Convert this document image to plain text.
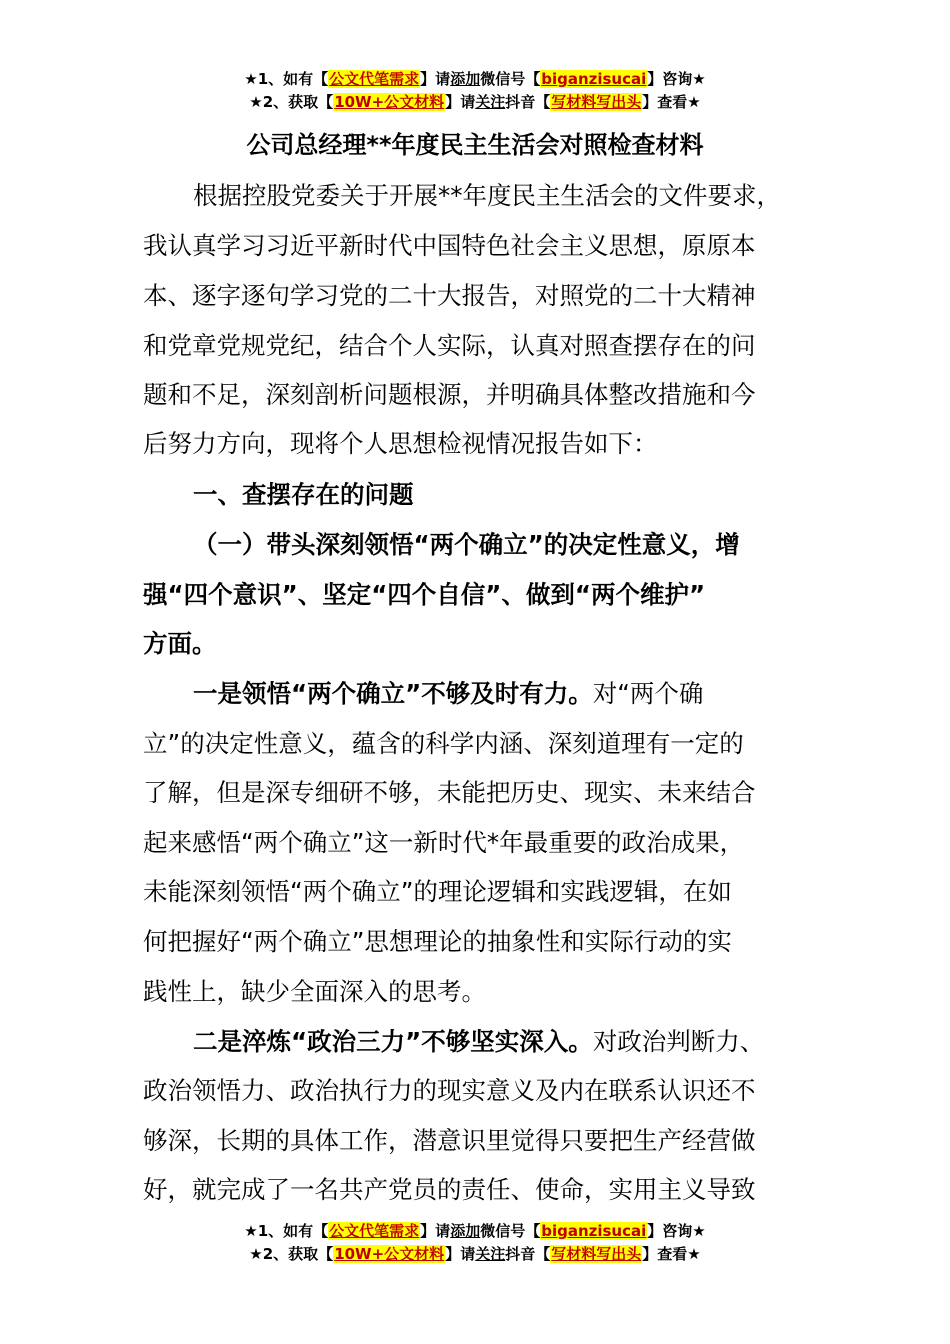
★1、如有【公文代笔需求】请添加微信号【biganzisucai】咨询★
★2、获取【10W+公文材料】请关注抖音【写材料写出头】查看★
公司总经理**年度民主生活会对照检查材料
根据控股党委关于开展**年度民主生活会的文件要求，
我认真学习习近平新时代中国特色社会主义思想，原原本
本、逐字逐句学习党的二十大报告，对照党的二十大精神
和党章党规党纪，结合个人实际，认真对照查摆存在的问
题和不足，深刻剖析问题根源，并明确具体整改措施和今
后努力方向，现将个人思想检视情况报告如下：
一、查摆存在的问题
（一）带头深刻领悟“两个确立”的决定性意义，增
强“四个意识”、坚定“四个自信”、做到“两个维护”
方面。
一是领悟“两个确立”不够及时有力。对“两个确
立”的决定性意义，蕴含的科学内涵、深刻道理有一定的
了解，但是深专细研不够，未能把历史、现实、未来结合
起来感悟“两个确立”这一新时代*年最重要的政治成果，
未能深刻领悟“两个确立”的理论逻辑和实践逻辑，在如
何把握好“两个确立”思想理论的抽象性和实际行动的实
践性上，缺少全面深入的思考。
二是淬炼“政治三力”不够坚实深入。对政治判断力、
政治领悟力、政治执行力的现实意义及内在联系认识还不
够深，长期的具体工作，潜意识里觉得只要把生产经营做
好，就完成了一名共产党员的责任、使命，实用主义导致
★1、如有【公文代笔需求】请添加微信号【biganzisucai】咨询★
★2、获取【10W+公文材料】请关注抖音【写材料写出头】查看★
